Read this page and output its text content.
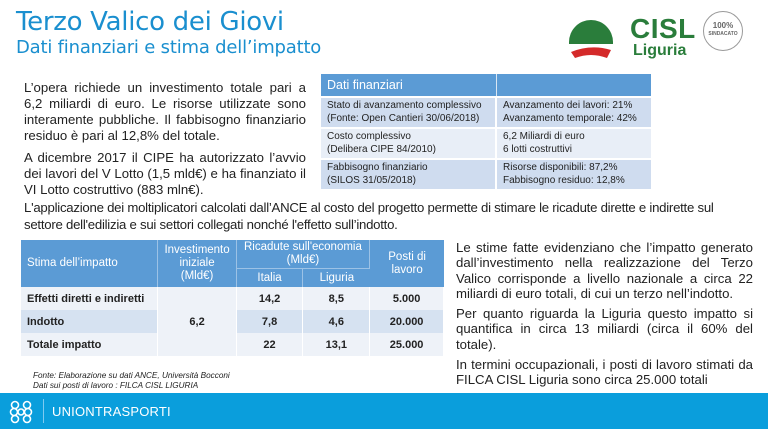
Terzo Valico dei Giovi
Dati finanziari e stima dell’impatto
CISL
Liguria
100%
SINDACATO

L’opera richiede un investimento totale pari a 6,2 miliardi di euro. Le risorse utilizzate sono interamente pubbliche. Il fabbisogno finanziario residuo è pari al 12,8% del totale.

A dicembre 2017 il CIPE ha autorizzato l’avvio dei lavori del V Lotto (1,5 mld€) e ha finanziato il VI Lotto costruttivo (883 mln€).

Dati finanziari	
Stato di avanzamento complessivo
(Fonte: Open Cantieri 30/06/2018)	Avanzamento dei lavori: 21%
Avanzamento temporale: 42%
Costo complessivo
(Delibera CIPE 84/2010)	6,2 Miliardi di euro
6 lotti costruttivi
Fabbisogno finanziario
(SILOS 31/05/2018)	Risorse disponibili: 87,2%
Fabbisogno residuo: 12,8%
L'applicazione dei moltiplicatori calcolati dall’ANCE al costo del progetto permette di stimare le ricadute dirette e indirette sul settore dell'edilizia e sui settori collegati nonché l'effetto sull’indotto.
Stima dell’impatto	Investimento iniziale (Mld€)	Ricadute sull'economia (Mld€)		Posti di lavoro
		Italia	Liguria	
Effetti diretti e indiretti	6,2	14,2	8,5	5.000
Indotto		7,8	4,6	20.000
Totale impatto		22	13,1	25.000
Fonte: Elaborazione su dati ANCE, Università Bocconi
Dati sui posti di lavoro : FILCA CISL LIGURIA

Le stime fatte evidenziano che l’impatto generato dall’investimento nella realizzazione del Terzo Valico corrisponde a livello nazionale a circa 22 miliardi di euro totali, di cui un terzo nell’indotto.

Per quanto riguarda la Liguria questo impatto si quantifica in circa 13 miliardi (circa il 60% del totale).

In termini occupazionali, i posti di lavoro stimati da FILCA CISL Liguria sono circa 25.000 totali

UNIONTRASPORTI
